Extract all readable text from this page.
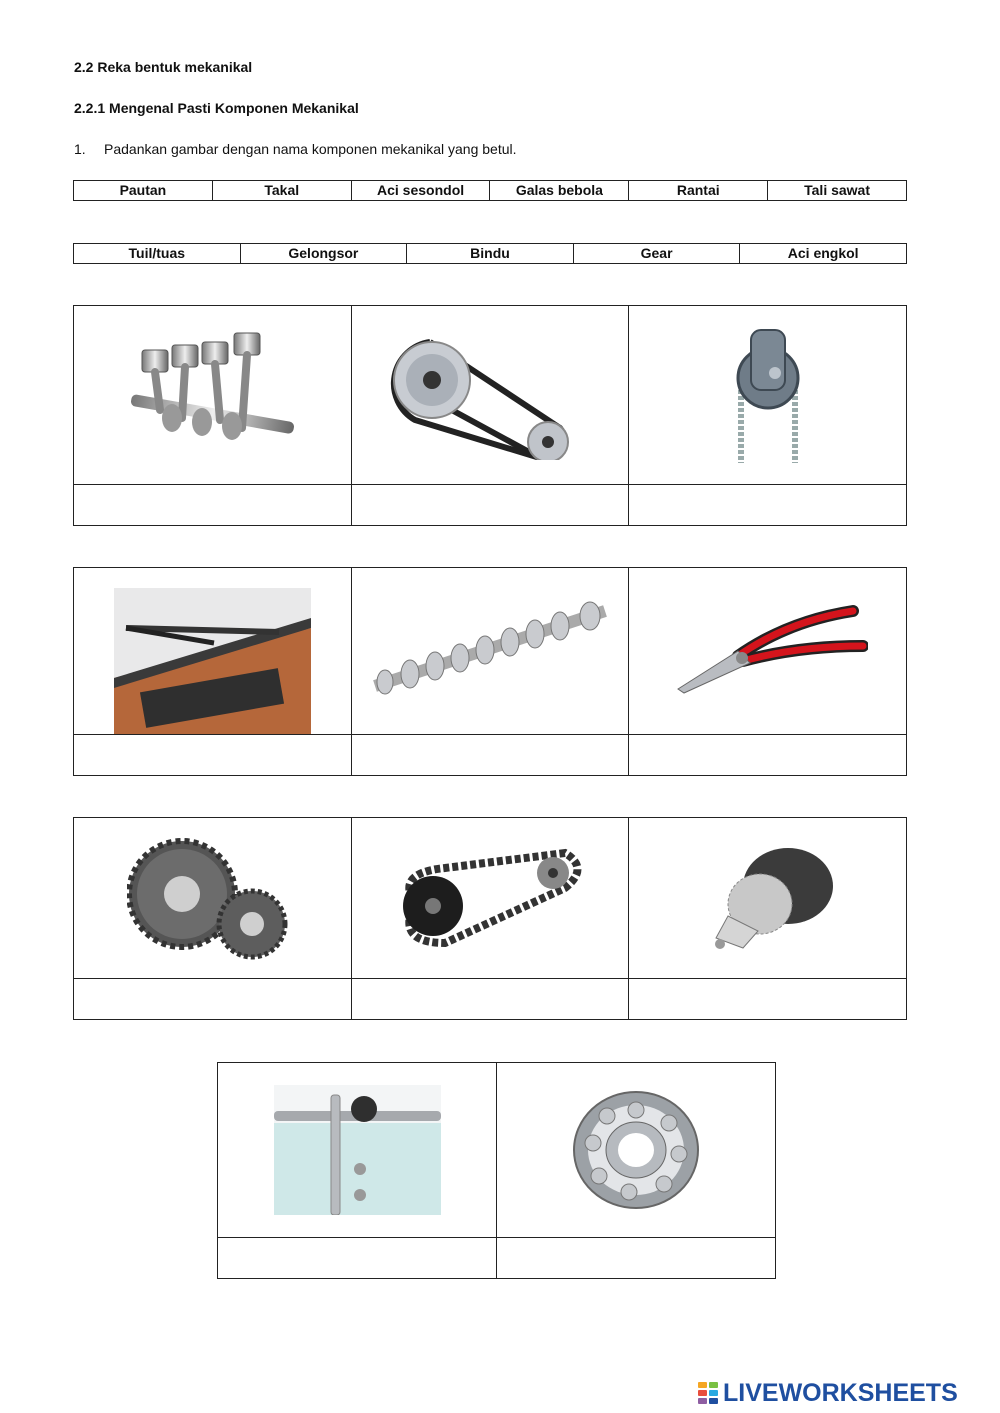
2.2 Reka bentuk mekanikal
2.2.1 Mengenal Pasti Komponen Mekanikal
1. Padankan gambar dengan nama komponen mekanikal yang betul.
Pautan	Takal	Aci sesondol	Galas bebola	Rantai	Tali sawat
Tuil/tuas	Gelongsor	Bindu	Gear	Aci engkol

LIVEWORKSHEETS
